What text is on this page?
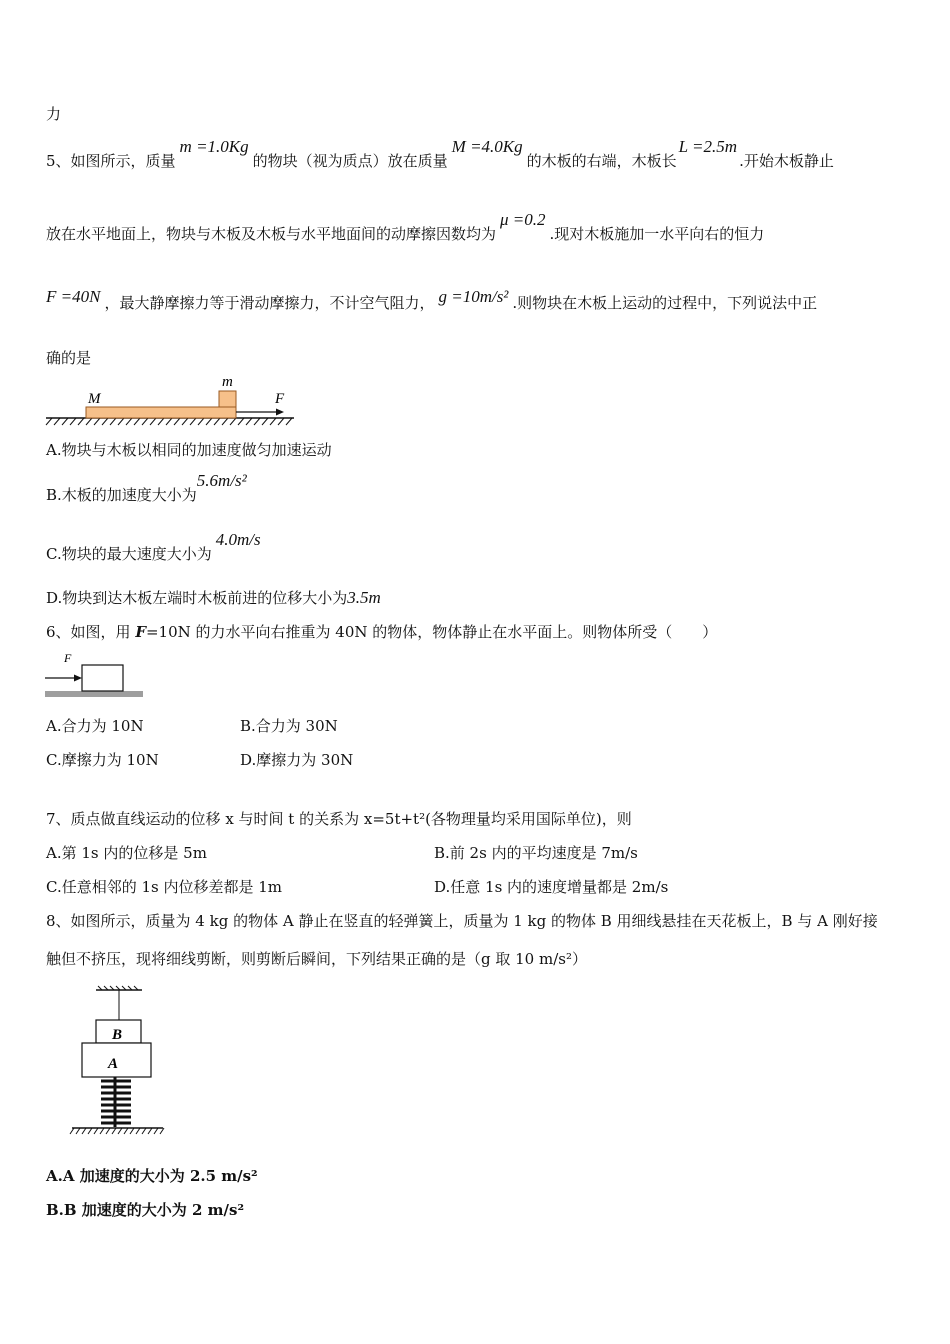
力
5、如图所示，质量m =1.0Kg的物块（视为质点）放在质量M =4.0Kg的木板的右端，木板长L =2.5m.开始木板静止
放在水平地面上，物块与木板及木板与水平地面间的动摩擦因数均为μ =0.2.现对木板施加一水平向右的恒力
F =40N ，最大静摩擦力等于滑动摩擦力，不计空气阻力， g =10m/s² .则物块在木板上运动的过程中，下列说法中正
确的是
M
m
F
A.物块与木板以相同的加速度做匀加速运动
B.木板的加速度大小为5.6m/s²
C.物块的最大速度大小为4.0m/s
D.物块到达木板左端时木板前进的位移大小为3.5m
6、如图，用 F=10N 的力水平向右推重为 40N 的物体，物体静止在水平面上。则物体所受（　　）
F
A.合力为 10N	B.合力为 30N
C.摩擦力为 10N	D.摩擦力为 30N
7、质点做直线运动的位移 x 与时间 t 的关系为 x=5t+t²(各物理量均采用国际单位)，则
A.第 1s 内的位移是 5m	B.前 2s 内的平均速度是 7m/s
C.任意相邻的 1s 内位移差都是 1m	D.任意 1s 内的速度增量都是 2m/s
8、如图所示，质量为 4 kg 的物体 A 静止在竖直的轻弹簧上，质量为 1 kg 的物体 B 用细线悬挂在天花板上，B 与 A 刚好接
触但不挤压，现将细线剪断，则剪断后瞬间，下列结果正确的是（g 取 10 m/s²）
B
A
A.A 加速度的大小为 2.5 m/s²
B.B 加速度的大小为 2 m/s²
